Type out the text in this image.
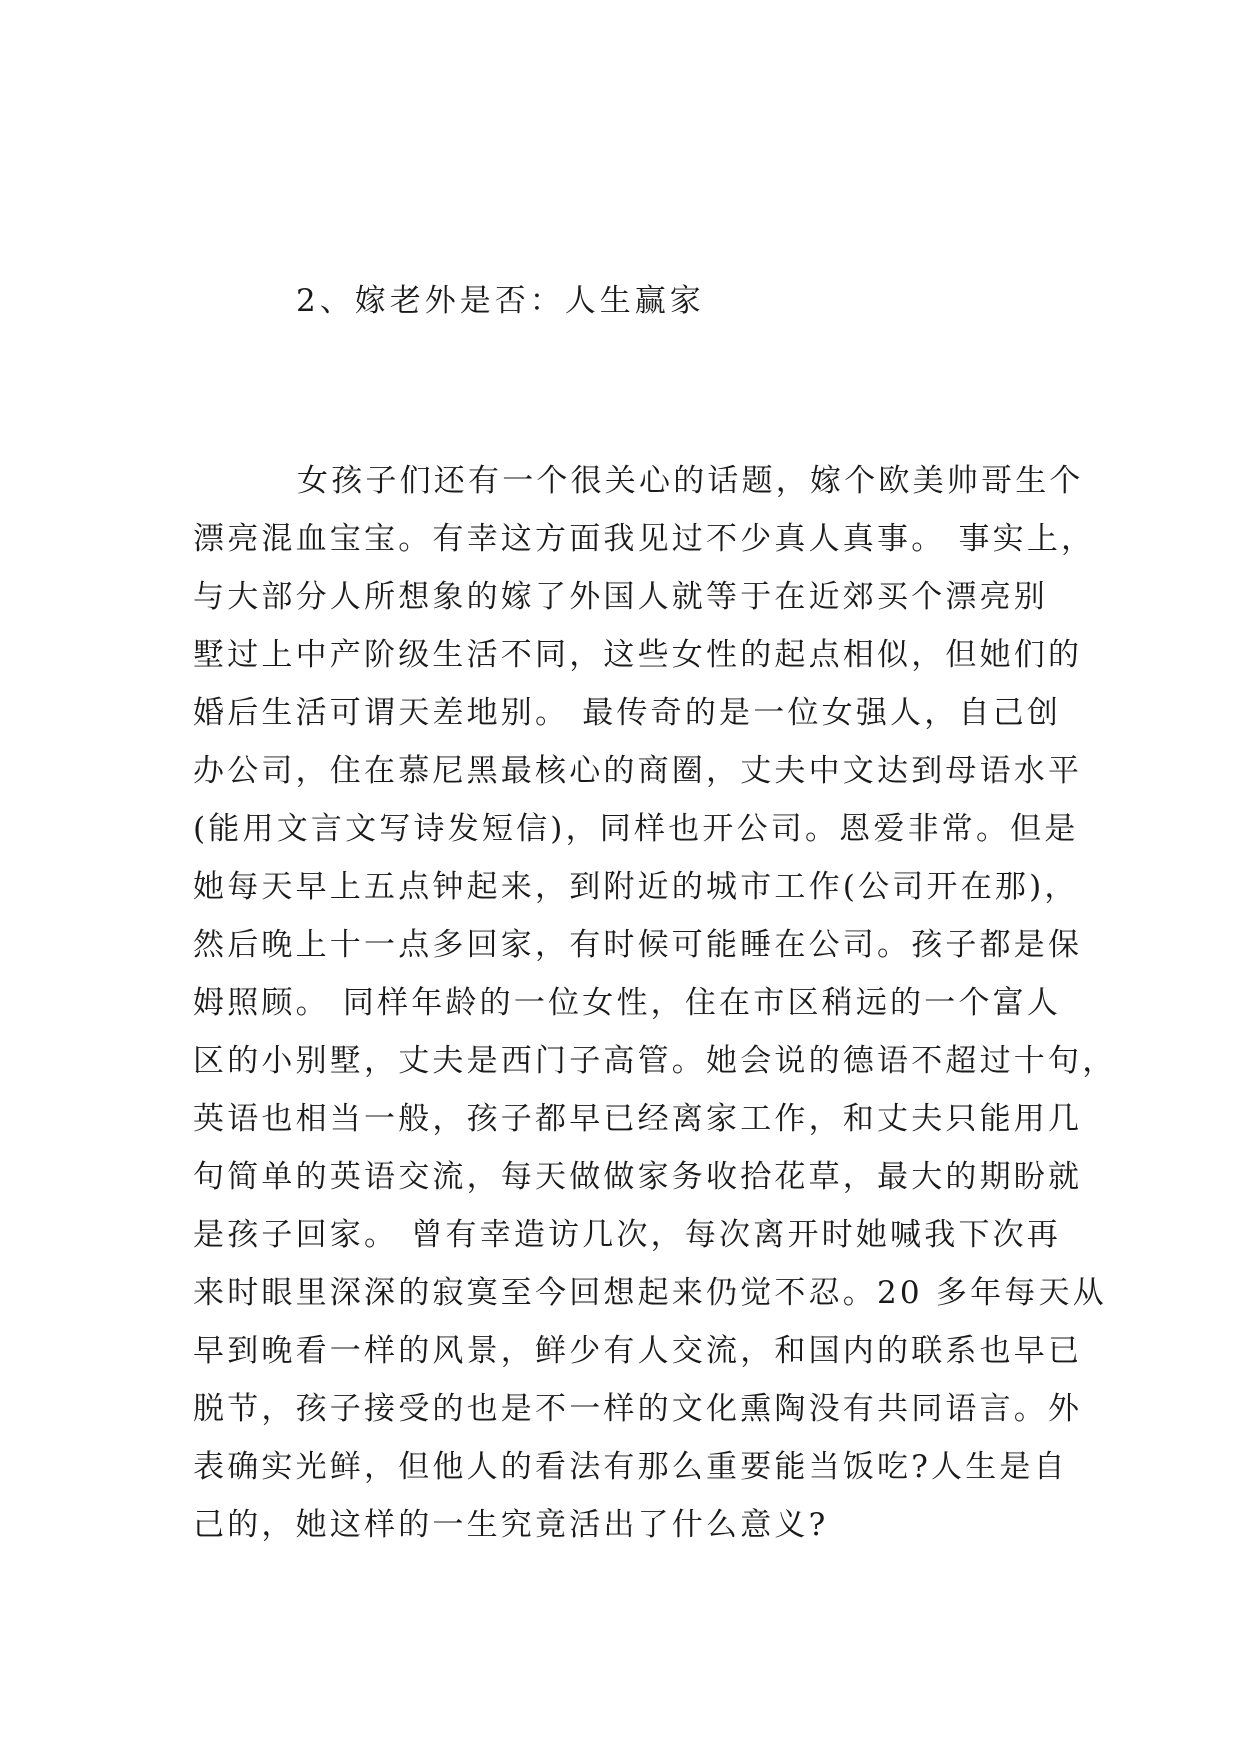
2、嫁老外是否：人生赢家
女孩子们还有一个很关心的话题，嫁个欧美帅哥生个
漂亮混血宝宝。有幸这方面我见过不少真人真事。 事实上，
与大部分人所想象的嫁了外国人就等于在近郊买个漂亮别
墅过上中产阶级生活不同，这些女性的起点相似，但她们的
婚后生活可谓天差地别。 最传奇的是一位女强人，自己创
办公司，住在慕尼黑最核心的商圈，丈夫中文达到母语水平
(能用文言文写诗发短信)，同样也开公司。恩爱非常。但是
她每天早上五点钟起来，到附近的城市工作(公司开在那)，
然后晚上十一点多回家，有时候可能睡在公司。孩子都是保
姆照顾。 同样年龄的一位女性，住在市区稍远的一个富人
区的小别墅，丈夫是西门子高管。她会说的德语不超过十句，
英语也相当一般，孩子都早已经离家工作，和丈夫只能用几
句简单的英语交流，每天做做家务收拾花草，最大的期盼就
是孩子回家。 曾有幸造访几次，每次离开时她喊我下次再
来时眼里深深的寂寞至今回想起来仍觉不忍。20 多年每天从
早到晚看一样的风景，鲜少有人交流，和国内的联系也早已
脱节，孩子接受的也是不一样的文化熏陶没有共同语言。外
表确实光鲜，但他人的看法有那么重要能当饭吃?人生是自
己的，她这样的一生究竟活出了什么意义?
